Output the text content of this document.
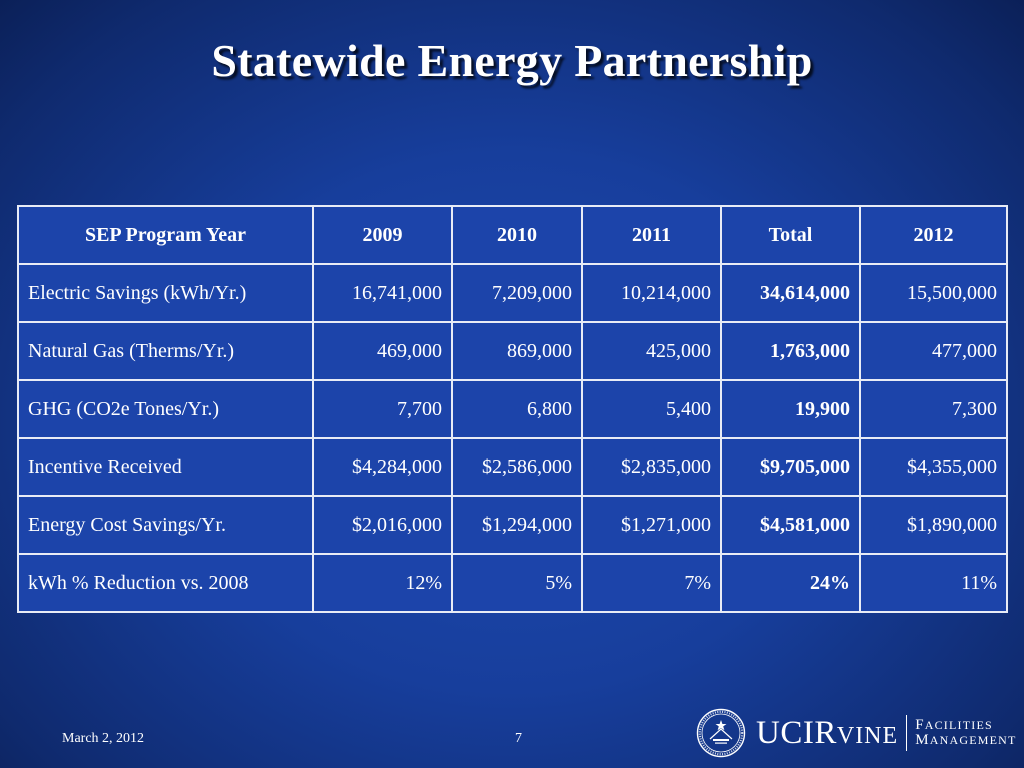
Statewide Energy Partnership
SEP Program Year	2009	2010	2011	Total	2012
Electric Savings (kWh/Yr.)	16,741,000	7,209,000	10,214,000	34,614,000	15,500,000
Natural Gas (Therms/Yr.)	469,000	869,000	425,000	1,763,000	477,000
GHG (CO2e Tones/Yr.)	7,700	6,800	5,400	19,900	7,300
Incentive Received	$4,284,000	$2,586,000	$2,835,000	$9,705,000	$4,355,000
Energy Cost Savings/Yr.	$2,016,000	$1,294,000	$1,271,000	$4,581,000	$1,890,000
kWh % Reduction vs. 2008	12%	5%	7%	24%	11%
March 2, 2012	7	UCI R VINE FACILITIES
MANAGEMENT
